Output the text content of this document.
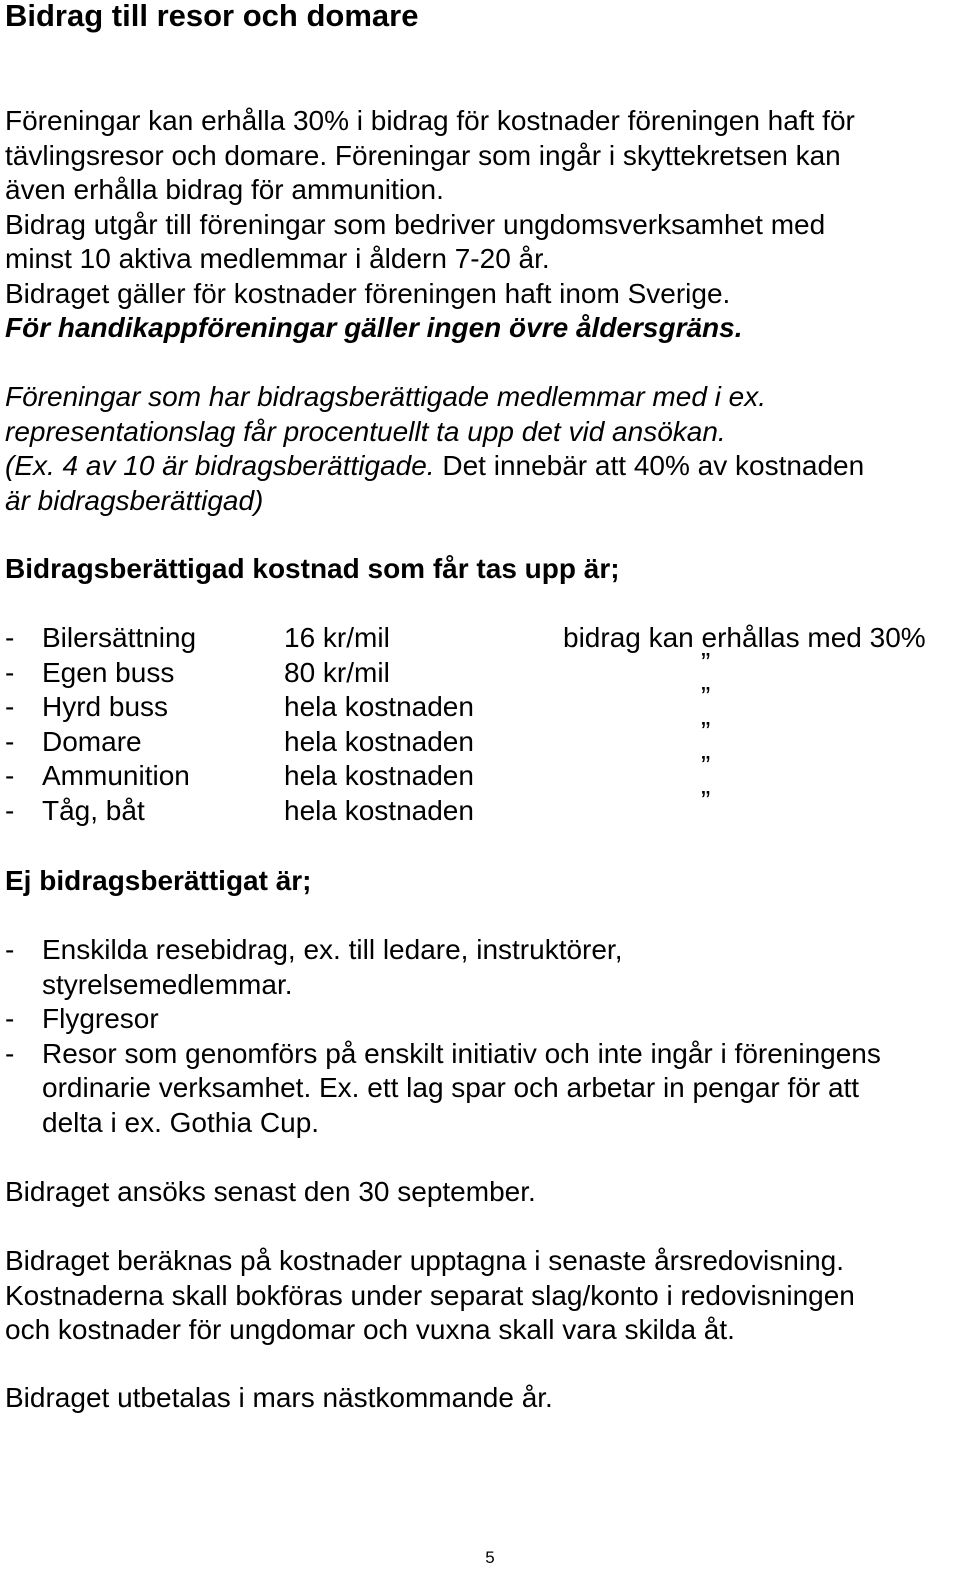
Bidrag till resor och domare

Föreningar kan erhålla 30% i bidrag för kostnader föreningen haft för

tävlingsresor och domare. Föreningar som ingår i skyttekretsen kan

även erhålla bidrag för ammunition.

Bidrag utgår till föreningar som bedriver ungdomsverksamhet med

minst 10 aktiva medlemmar i åldern 7-20 år.

Bidraget gäller för kostnader föreningen haft inom Sverige.

För handikappföreningar gäller ingen övre åldersgräns.

Föreningar som har bidragsberättigade medlemmar med i ex.

representationslag får procentuellt ta upp det vid ansökan.

(Ex. 4 av 10 är bidragsberättigade. Det innebär att 40% av kostnaden

är bidragsberättigad)

Bidragsberättigad kostnad som får tas upp är;

- Bilersättning	16 kr/mil	bidrag kan erhållas med 30%
- Egen buss	80 kr/mil	”
- Hyrd buss	hela kostnaden	”
- Domare	hela kostnaden	”
- Ammunition	hela kostnaden	”
- Tåg, båt	hela kostnaden	”

Ej bidragsberättigat är;

- Enskilda resebidrag, ex. till ledare, instruktörer,

styrelsemedlemmar.

- Flygresor

- Resor som genomförs på enskilt initiativ och inte ingår i föreningens

ordinarie verksamhet. Ex. ett lag spar och arbetar in pengar för att

delta i ex. Gothia Cup.

Bidraget ansöks senast den 30 september.

Bidraget beräknas på kostnader upptagna i senaste årsredovisning.

Kostnaderna skall bokföras under separat slag/konto i redovisningen

och kostnader för ungdomar och vuxna skall vara skilda åt.

Bidraget utbetalas i mars nästkommande år.

5
